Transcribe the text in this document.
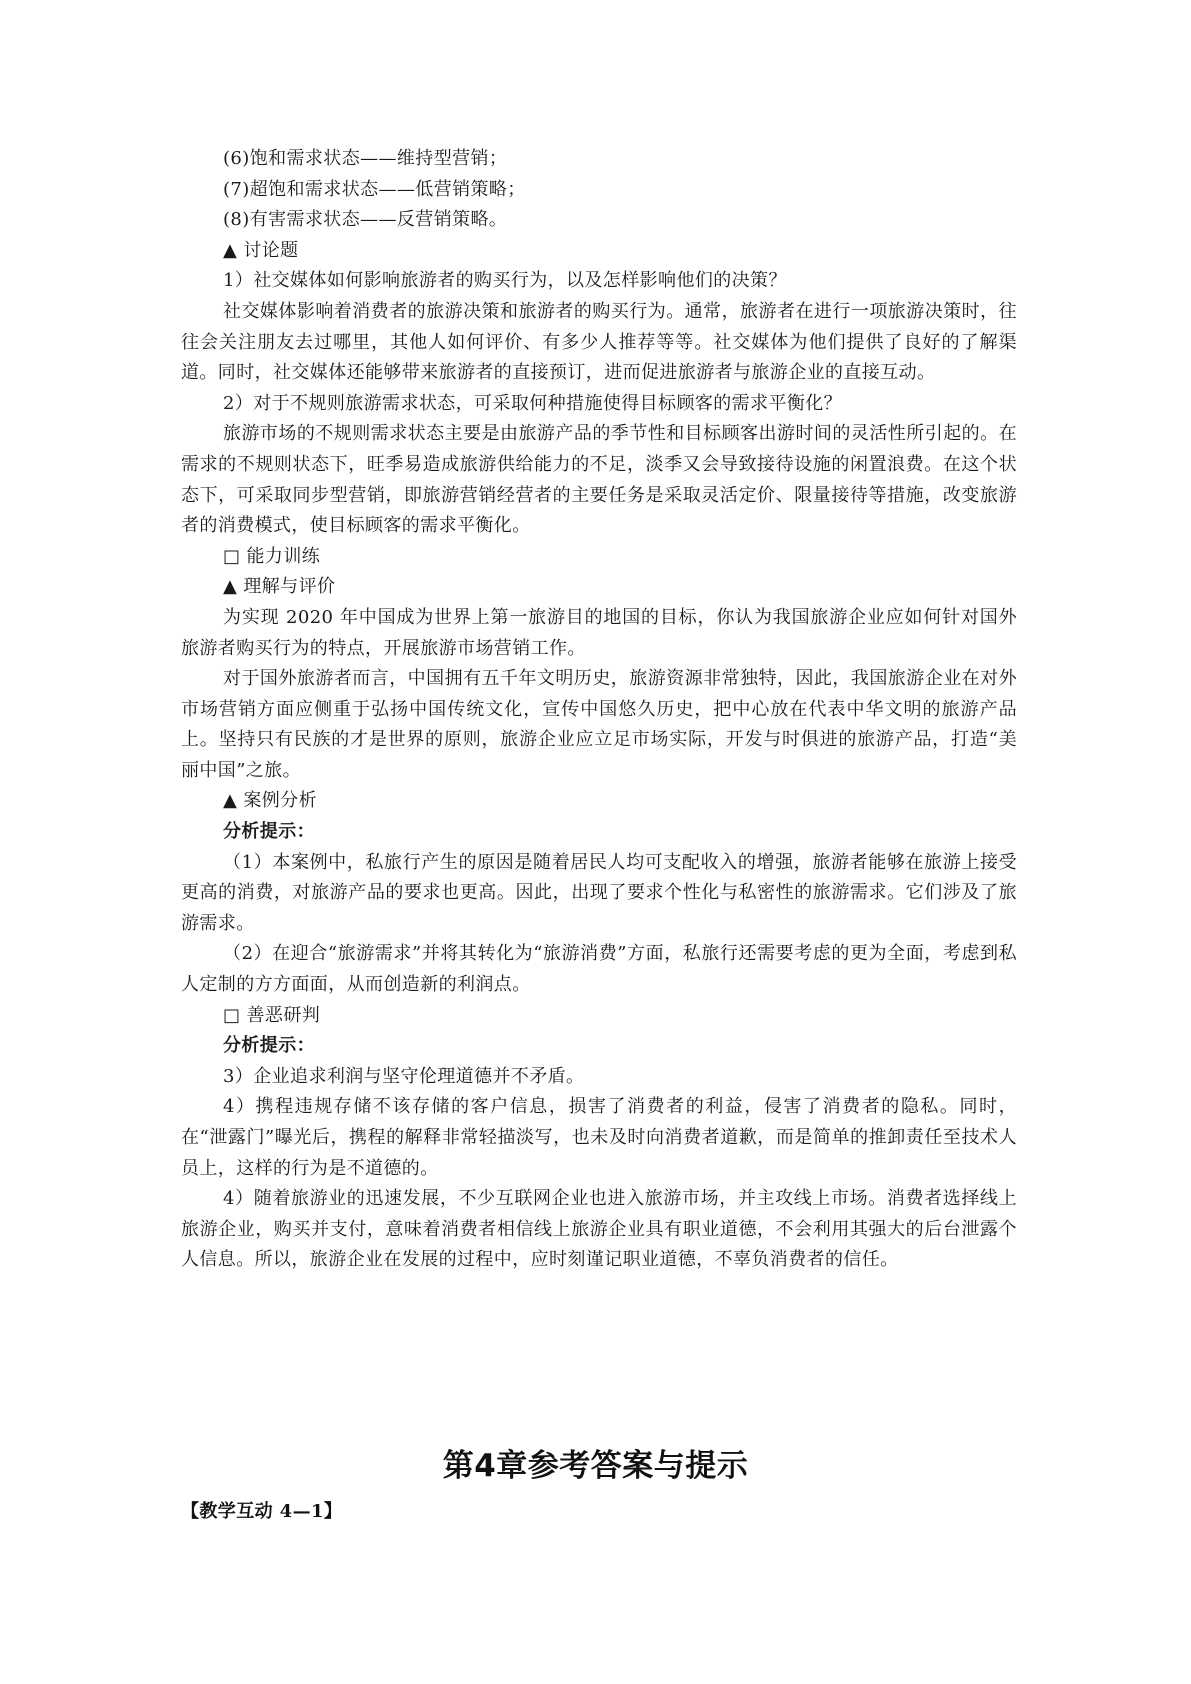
(6)饱和需求状态——维持型营销；
(7)超饱和需求状态——低营销策略；
(8)有害需求状态——反营销策略。
▲ 讨论题
1）社交媒体如何影响旅游者的购买行为，以及怎样影响他们的决策？

社交媒体影响着消费者的旅游决策和旅游者的购买行为。通常，旅游者在进行一项旅游决策时，往往会关注朋友去过哪里，其他人如何评价、有多少人推荐等等。社交媒体为他们提供了良好的了解渠道。同时，社交媒体还能够带来旅游者的直接预订，进而促进旅游者与旅游企业的直接互动。

2）对于不规则旅游需求状态，可采取何种措施使得目标顾客的需求平衡化？

旅游市场的不规则需求状态主要是由旅游产品的季节性和目标顾客出游时间的灵活性所引起的。在需求的不规则状态下，旺季易造成旅游供给能力的不足，淡季又会导致接待设施的闲置浪费。在这个状态下，可采取同步型营销，即旅游营销经营者的主要任务是采取灵活定价、限量接待等措施，改变旅游者的消费模式，使目标顾客的需求平衡化。

□ 能力训练
▲ 理解与评价

为实现 2020 年中国成为世界上第一旅游目的地国的目标，你认为我国旅游企业应如何针对国外旅游者购买行为的特点，开展旅游市场营销工作。

对于国外旅游者而言，中国拥有五千年文明历史，旅游资源非常独特，因此，我国旅游企业在对外市场营销方面应侧重于弘扬中国传统文化，宣传中国悠久历史，把中心放在代表中华文明的旅游产品上。坚持只有民族的才是世界的原则，旅游企业应立足市场实际，开发与时俱进的旅游产品，打造“美丽中国”之旅。

▲ 案例分析
分析提示：

（1）本案例中，私旅行产生的原因是随着居民人均可支配收入的增强，旅游者能够在旅游上接受更高的消费，对旅游产品的要求也更高。因此，出现了要求个性化与私密性的旅游需求。它们涉及了旅游需求。

（2）在迎合“旅游需求”并将其转化为“旅游消费”方面，私旅行还需要考虑的更为全面，考虑到私人定制的方方面面，从而创造新的利润点。

□ 善恶研判
分析提示：

3）企业追求利润与坚守伦理道德并不矛盾。

4）携程违规存储不该存储的客户信息，损害了消费者的利益，侵害了消费者的隐私。同时，在“泄露门”曝光后，携程的解释非常轻描淡写，也未及时向消费者道歉，而是简单的推卸责任至技术人员上，这样的行为是不道德的。

4）随着旅游业的迅速发展，不少互联网企业也进入旅游市场，并主攻线上市场。消费者选择线上旅游企业，购买并支付，意味着消费者相信线上旅游企业具有职业道德，不会利用其强大的后台泄露个人信息。所以，旅游企业在发展的过程中，应时刻谨记职业道德，不辜负消费者的信任。

第4章参考答案与提示
【教学互动 4—1】
